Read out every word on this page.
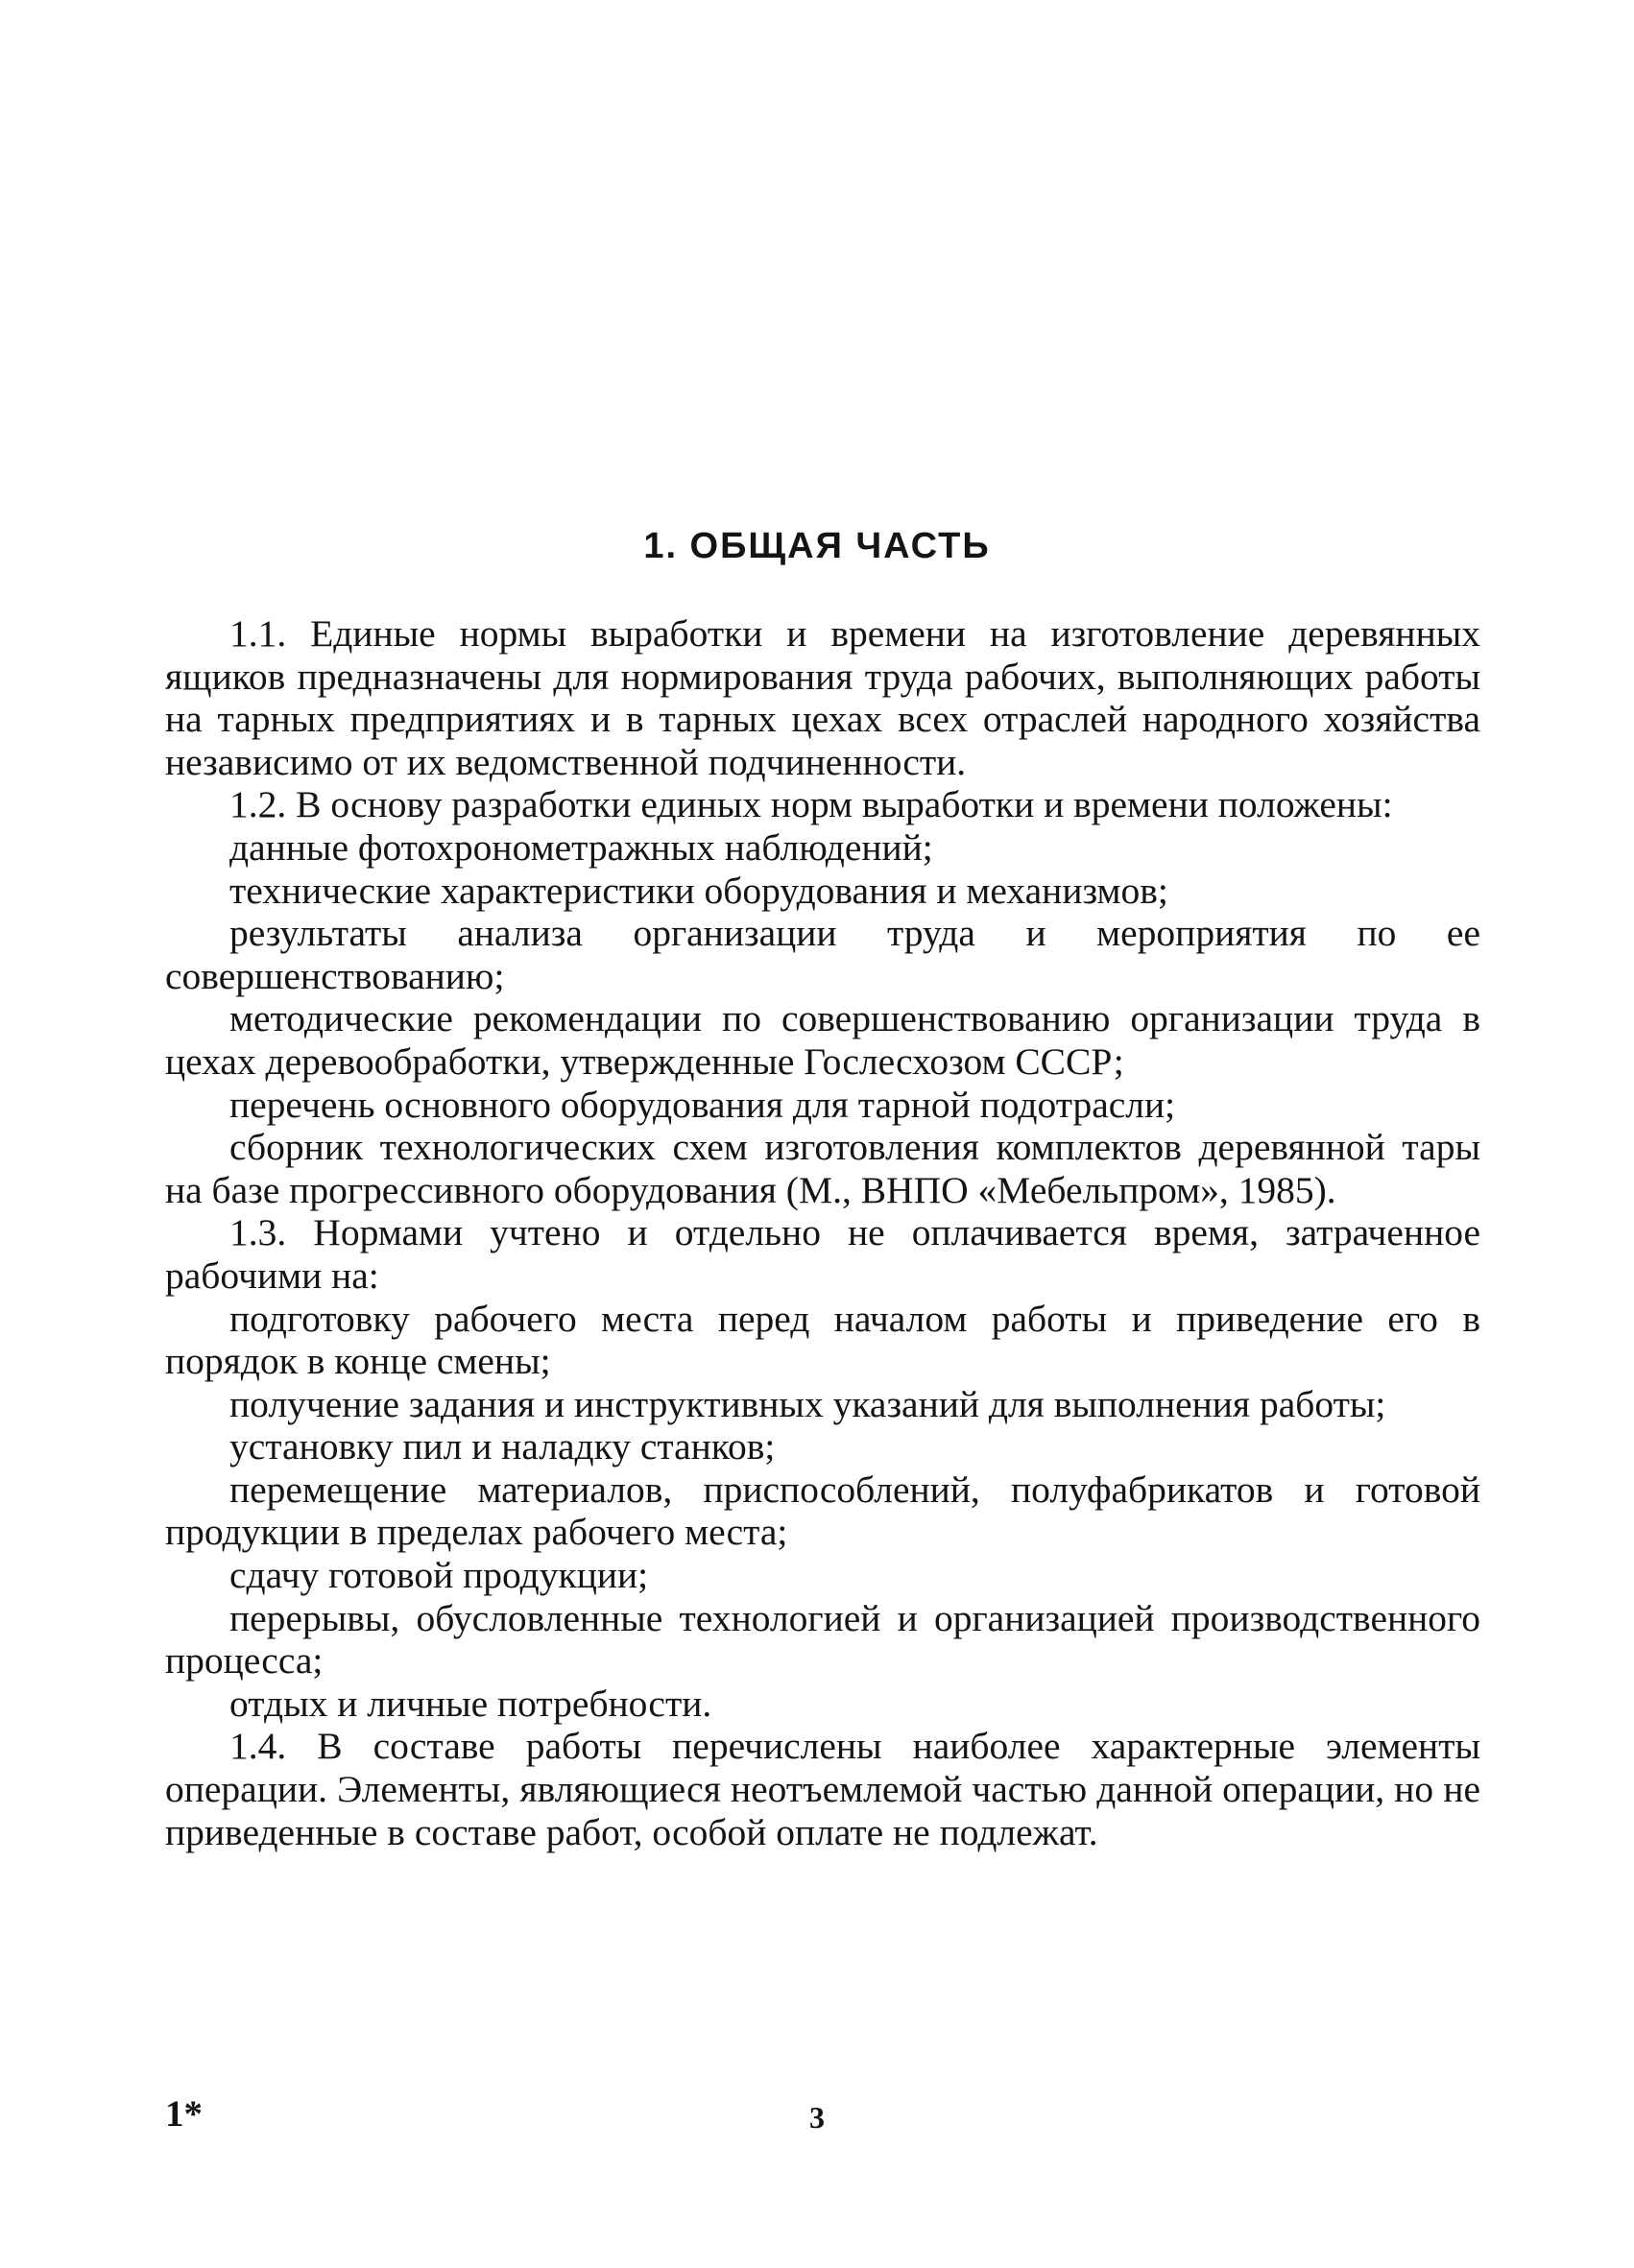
1. ОБЩАЯ ЧАСТЬ

1.1. Единые нормы выработки и времени на изготовление деревянных ящиков предназначены для нормирования труда рабочих, выполняющих работы на тарных предприятиях и в тарных цехах всех отраслей народного хозяйства независимо от их ведомственной подчиненности.

1.2. В основу разработки единых норм выработки и времени положены:

данные фотохронометражных наблюдений;

технические характеристики оборудования и механизмов;

результаты анализа организации труда и мероприятия по ее совершенствованию;

методические рекомендации по совершенствованию организации труда в цехах деревообработки, утвержденные Гослесхозом СССР;

перечень основного оборудования для тарной подотрасли;

сборник технологических схем изготовления комплектов деревянной тары на базе прогрессивного оборудования (М., ВНПО «Мебельпром», 1985).

1.3. Нормами учтено и отдельно не оплачивается время, затраченное рабочими на:

подготовку рабочего места перед началом работы и приведение его в порядок в конце смены;

получение задания и инструктивных указаний для выполнения работы;

установку пил и наладку станков;

перемещение материалов, приспособлений, полуфабрикатов и готовой продукции в пределах рабочего места;

сдачу готовой продукции;

перерывы, обусловленные технологией и организацией производственного процесса;

отдых и личные потребности.

1.4. В составе работы перечислены наиболее характерные элементы операции. Элементы, являющиеся неотъемлемой частью данной операции, но не приведенные в составе работ, особой оплате не подлежат.

1*	3
